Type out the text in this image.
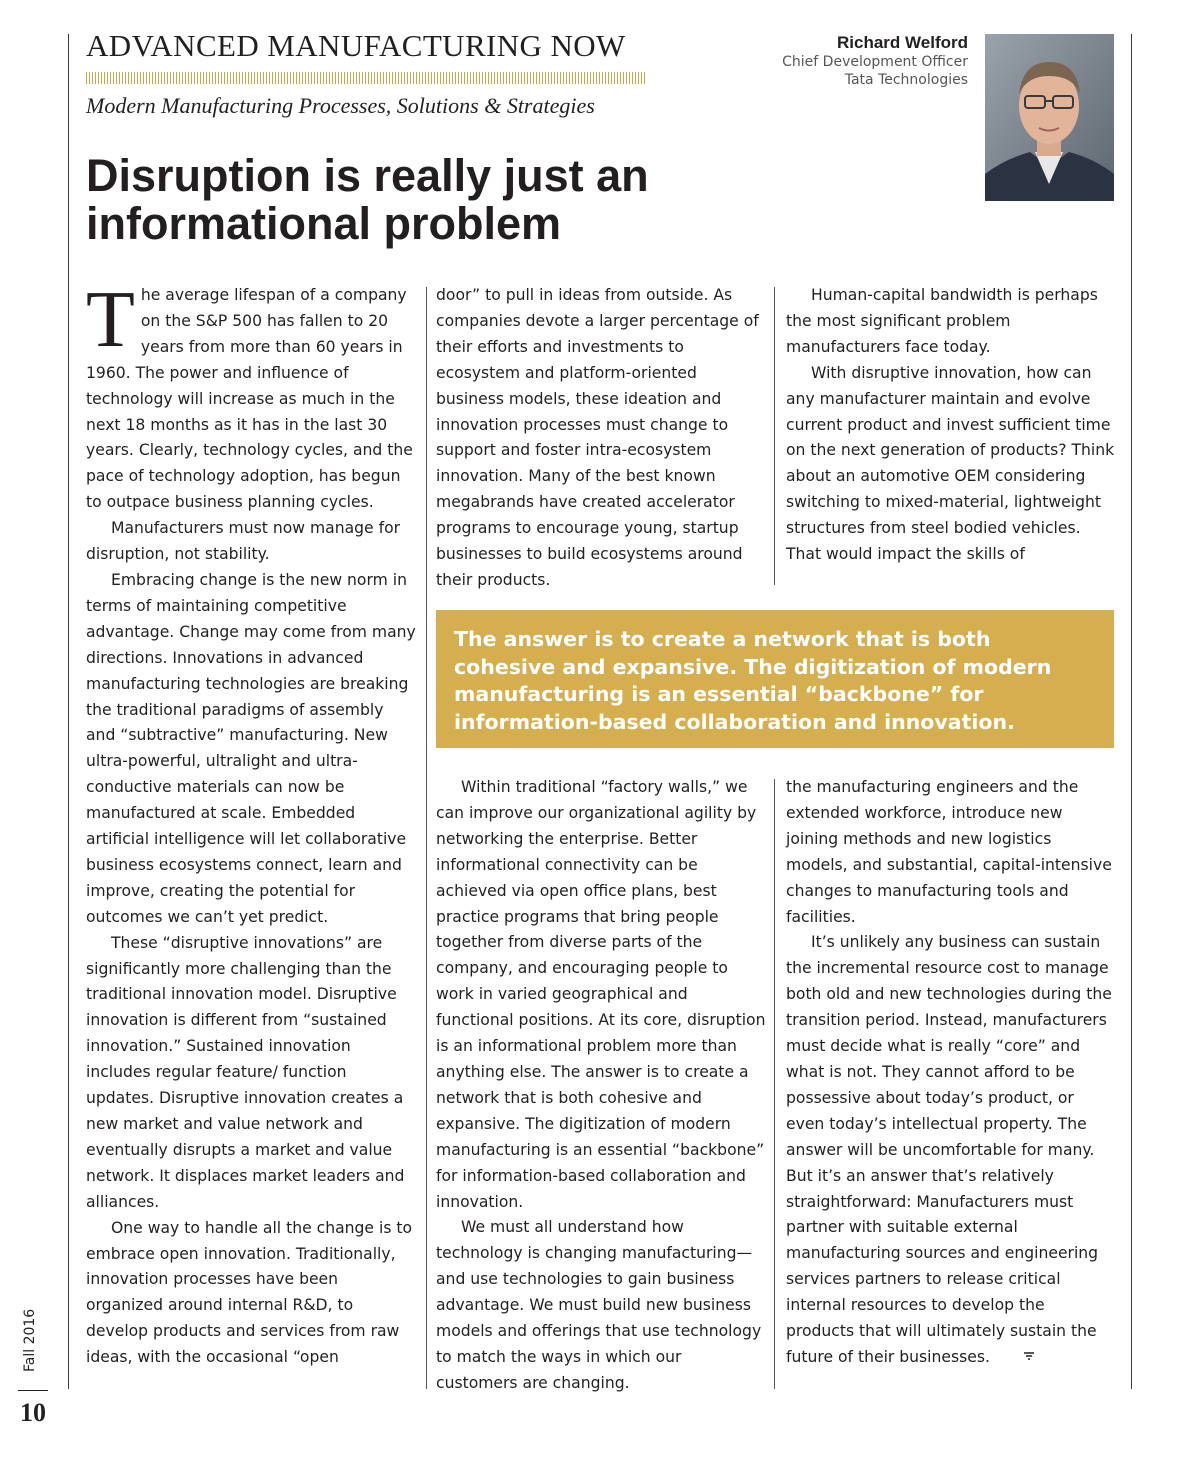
ADVANCED MANUFACTURING NOW
Modern Manufacturing Processes, Solutions & Strategies
Disruption is really just an informational problem
Richard Welford
Chief Development Officer
Tata Technologies

The average lifespan of a company on the S&P 500 has fallen to 20 years from more than 60 years in 1960. The power and influence of technology will increase as much in the next 18 months as it has in the last 30 years. Clearly, technology cycles, and the pace of technology adoption, has begun to outpace business planning cycles.

Manufacturers must now manage for disruption, not stability.

Embracing change is the new norm in terms of maintaining competitive advantage. Change may come from many directions. Innovations in advanced manufacturing technologies are breaking the traditional paradigms of assembly and “subtractive” manufacturing. New ultra-powerful, ultralight and ultra-conductive materials can now be manufactured at scale. Embedded artificial intelligence will let collaborative business ecosystems connect, learn and improve, creating the potential for outcomes we can’t yet predict.

These “disruptive innovations” are significantly more challenging than the traditional innovation model. Disruptive innovation is different from “sustained innovation.” Sustained innovation includes regular feature/ function updates. Disruptive innovation creates a new market and value network and eventually disrupts a market and value network. It displaces market leaders and alliances.

One way to handle all the change is to embrace open innovation. Traditionally, innovation processes have been organized around internal R&D, to develop products and services from raw ideas, with the occasional “open

door” to pull in ideas from outside. As companies devote a larger percentage of their efforts and investments to ecosystem and platform-oriented business models, these ideation and innovation processes must change to support and foster intra-ecosystem innovation. Many of the best known megabrands have created accelerator programs to encourage young, startup businesses to build ecosystems around their products.

Human-capital bandwidth is perhaps the most significant problem manufacturers face today.

With disruptive innovation, how can any manufacturer maintain and evolve current product and invest sufficient time on the next generation of products? Think about an automotive OEM considering switching to mixed-material, lightweight structures from steel bodied vehicles. That would impact the skills of

The answer is to create a network that is both cohesive and expansive. The digitization of modern manufacturing is an essential “backbone” for information-based collaboration and innovation.

Within traditional “factory walls,” we can improve our organizational agility by networking the enterprise. Better informational connectivity can be achieved via open office plans, best practice programs that bring people together from diverse parts of the company, and encouraging people to work in varied geographical and functional positions. At its core, disruption is an informational problem more than anything else. The answer is to create a network that is both cohesive and expansive. The digitization of modern manufacturing is an essential “backbone” for information-based collaboration and innovation.

We must all understand how technology is changing manufacturing—and use technologies to gain business advantage. We must build new business models and offerings that use technology to match the ways in which our customers are changing.

the manufacturing engineers and the extended workforce, introduce new joining methods and new logistics models, and substantial, capital-intensive changes to manufacturing tools and facilities.

It’s unlikely any business can sustain the incremental resource cost to manage both old and new technologies during the transition period. Instead, manufacturers must decide what is really “core” and what is not. They cannot afford to be possessive about today’s product, or even today’s intellectual property. The answer will be uncomfortable for many. But it’s an answer that’s relatively straightforward: Manufacturers must partner with suitable external manufacturing sources and engineering services partners to release critical internal resources to develop the products that will ultimately sustain the future of their businesses.

Fall 2016
10
